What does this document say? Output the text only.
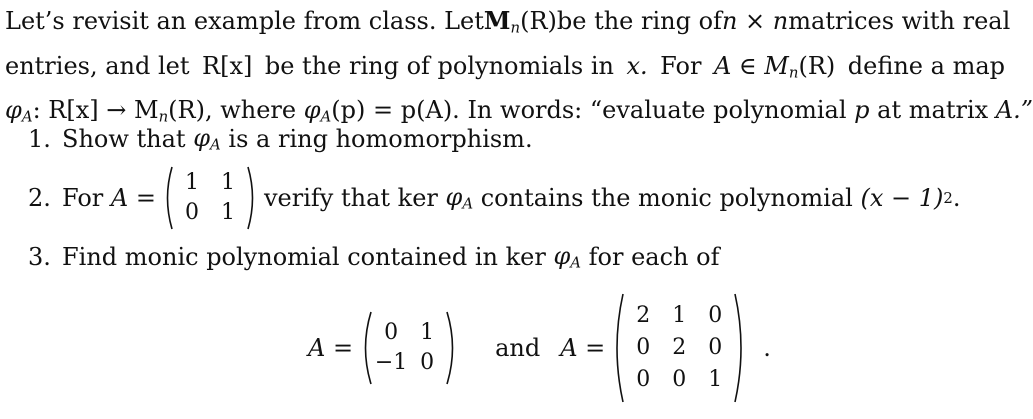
Let’s revisit an example from class. Let $M_n(R)$ be the ring of n × n matrices with real
entries, and let R[x] be the ring of polynomials in x. For A ∈ $M_n(R)$ define a map
$\varphi_A$: $R[x] \to M_n(R)$, where
$\varphi_A(p) = p(A)$.
In words: “evaluate polynomial
p
at matrix
A.”
1. Show that
$\varphi_A$
is a ring homomorphism.
2. For
A =
1	1
0	1
verify that ker
$\varphi_A$
contains the monic polynomial
(x − 1) 2 .
3. Find monic polynomial contained in ker
$\varphi_A$
for each of
A =
0	1
−1 0
and A =
2	1	0
0	2	0
0	0	1
.
